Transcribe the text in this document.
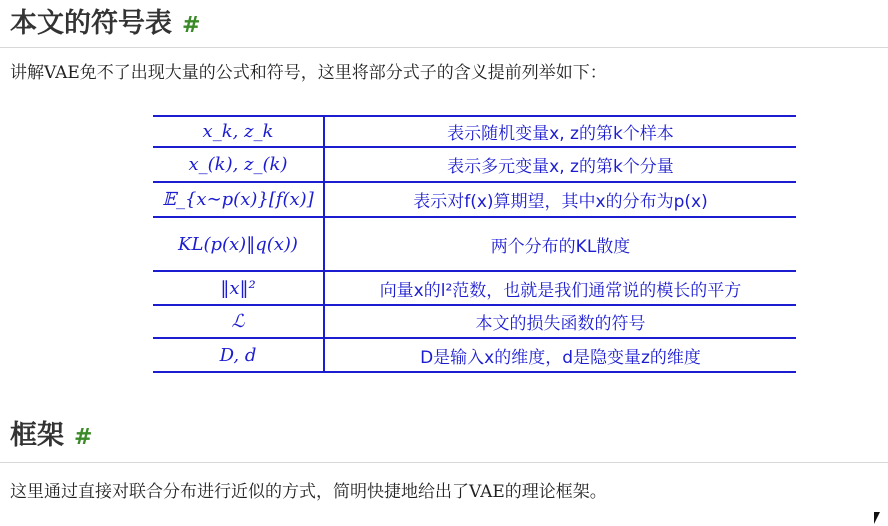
本文的符号表 #

讲解VAE免不了出现大量的公式和符号，这里将部分式子的含义提前列举如下：

x_k, z_k	表示随机变量x, z的第k个样本
x_(k), z_(k)	表示多元变量x, z的第k个分量
𝔼_{x∼p(x)}[f(x)]	表示对f(x)算期望，其中x的分布为p(x)
KL(p(x)‖q(x))	两个分布的KL散度
‖x‖²	向量x的l²范数，也就是我们通常说的模长的平方
ℒ	本文的损失函数的符号
D, d	D是输入x的维度，d是隐变量z的维度
框架 #

这里通过直接对联合分布进行近似的方式，简明快捷地给出了VAE的理论框架。
